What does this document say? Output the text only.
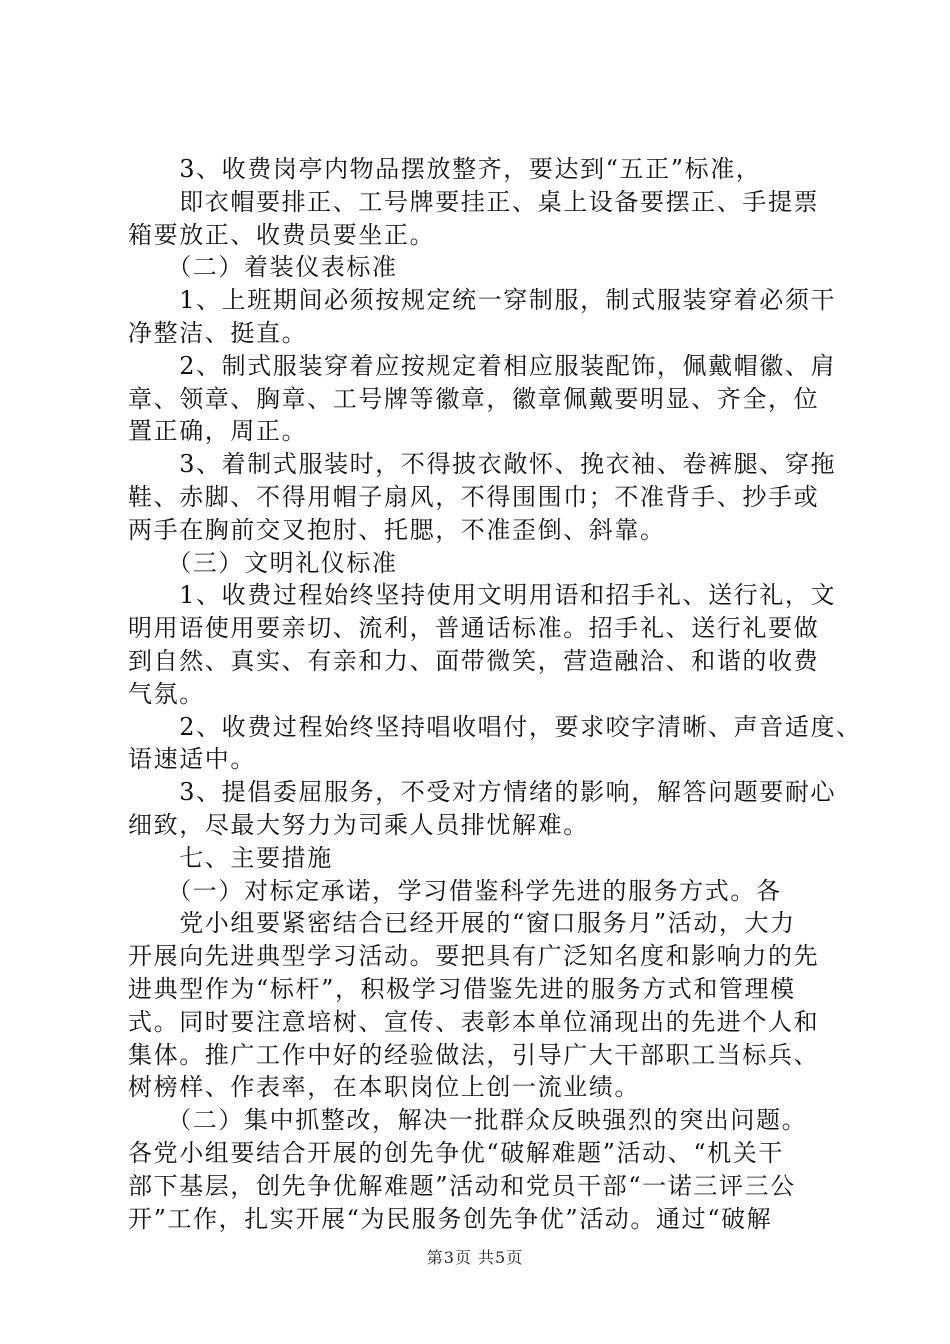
　　3、收费岗亭内物品摆放整齐，要达到“五正”标准，

　　即衣帽要排正、工号牌要挂正、桌上设备要摆正、手提票

箱要放正、收费员要坐正。

　　（二）着装仪表标准

　　1、上班期间必须按规定统一穿制服，制式服装穿着必须干

净整洁、挺直。

　　2、制式服装穿着应按规定着相应服装配饰，佩戴帽徽、肩

章、领章、胸章、工号牌等徽章，徽章佩戴要明显、齐全，位

置正确，周正。

　　3、着制式服装时，不得披衣敞怀、挽衣袖、卷裤腿、穿拖

鞋、赤脚、不得用帽子扇风，不得围围巾；不准背手、抄手或

两手在胸前交叉抱肘、托腮，不准歪倒、斜靠。

　　（三）文明礼仪标准

　　1、收费过程始终坚持使用文明用语和招手礼、送行礼，文

明用语使用要亲切、流利，普通话标准。招手礼、送行礼要做

到自然、真实、有亲和力、面带微笑，营造融洽、和谐的收费

气氛。

　　2、收费过程始终坚持唱收唱付，要求咬字清晰、声音适度、

语速适中。

　　3、提倡委屈服务，不受对方情绪的影响，解答问题要耐心

细致，尽最大努力为司乘人员排忧解难。

　　七、主要措施

　　（一）对标定承诺，学习借鉴科学先进的服务方式。各

　　党小组要紧密结合已经开展的“窗口服务月”活动，大力

开展向先进典型学习活动。要把具有广泛知名度和影响力的先

进典型作为“标杆”，积极学习借鉴先进的服务方式和管理模

式。同时要注意培树、宣传、表彰本单位涌现出的先进个人和

集体。推广工作中好的经验做法，引导广大干部职工当标兵、

树榜样、作表率，在本职岗位上创一流业绩。

　　（二）集中抓整改，解决一批群众反映强烈的突出问题。

各党小组要结合开展的创先争优“破解难题”活动、“机关干

部下基层，创先争优解难题”活动和党员干部“一诺三评三公

开”工作，扎实开展“为民服务创先争优”活动。通过“破解

第3页 共5页
